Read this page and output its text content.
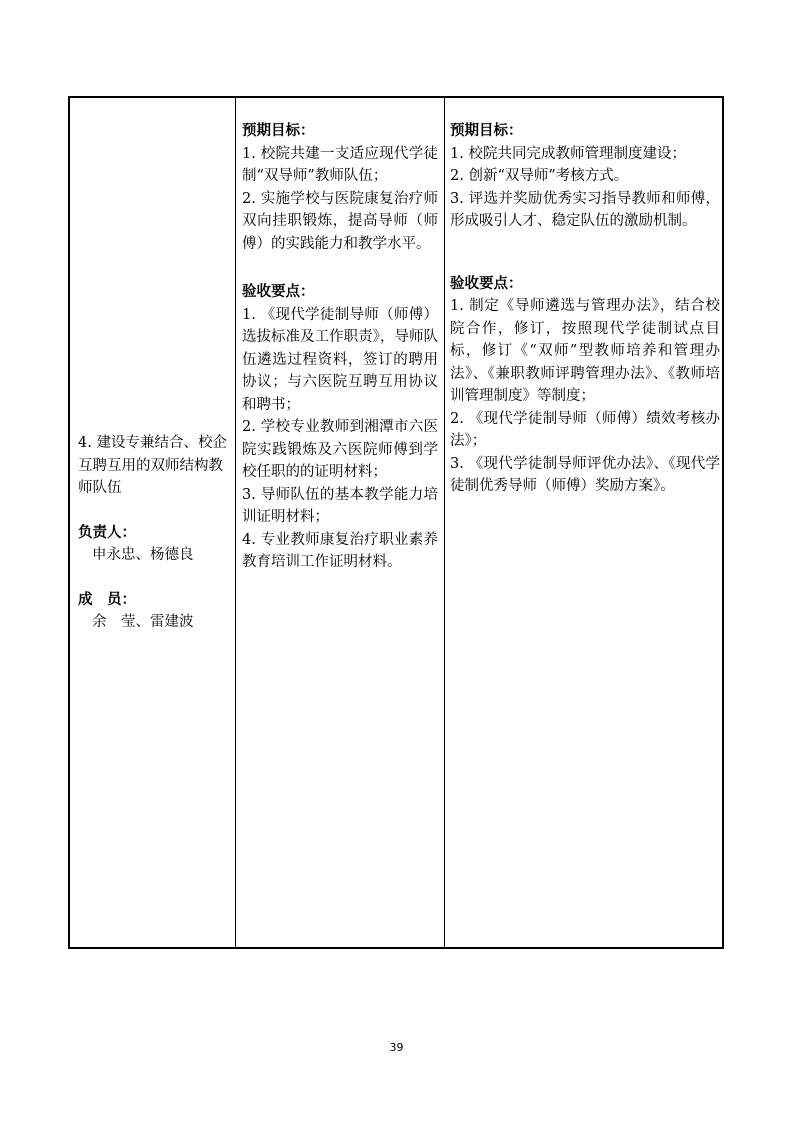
4. 建设专兼结合、校企互聘互用的双师结构教师队伍

负责人：

申永忠、杨德良

成　员：

余　莹、雷建波

预期目标：

1. 校院共建一支适应现代学徒制“双导师”教师队伍；

2. 实施学校与医院康复治疗师双向挂职锻炼，提高导师（师傅）的实践能力和教学水平。

验收要点：

1. 《现代学徒制导师（师傅）选拔标准及工作职责》，导师队伍遴选过程资料，签订的聘用协议；与六医院互聘互用协议和聘书；

2. 学校专业教师到湘潭市六医院实践锻炼及六医院师傅到学校任职的的证明材料；

3. 导师队伍的基本教学能力培训证明材料；

4. 专业教师康复治疗职业素养教育培训工作证明材料。

预期目标：

1. 校院共同完成教师管理制度建设；

2. 创新“双导师”考核方式。

3. 评选并奖励优秀实习指导教师和师傅，形成吸引人才、稳定队伍的激励机制。

验收要点：

1. 制定《导师遴选与管理办法》，结合校院合作，修订，按照现代学徒制试点目标，修订《“双师”型教师培养和管理办法》、《兼职教师评聘管理办法》、《教师培训管理制度》等制度；

2. 《现代学徒制导师（师傅）绩效考核办法》；

3. 《现代学徒制导师评优办法》、《现代学徒制优秀导师（师傅）奖励方案》。

39
